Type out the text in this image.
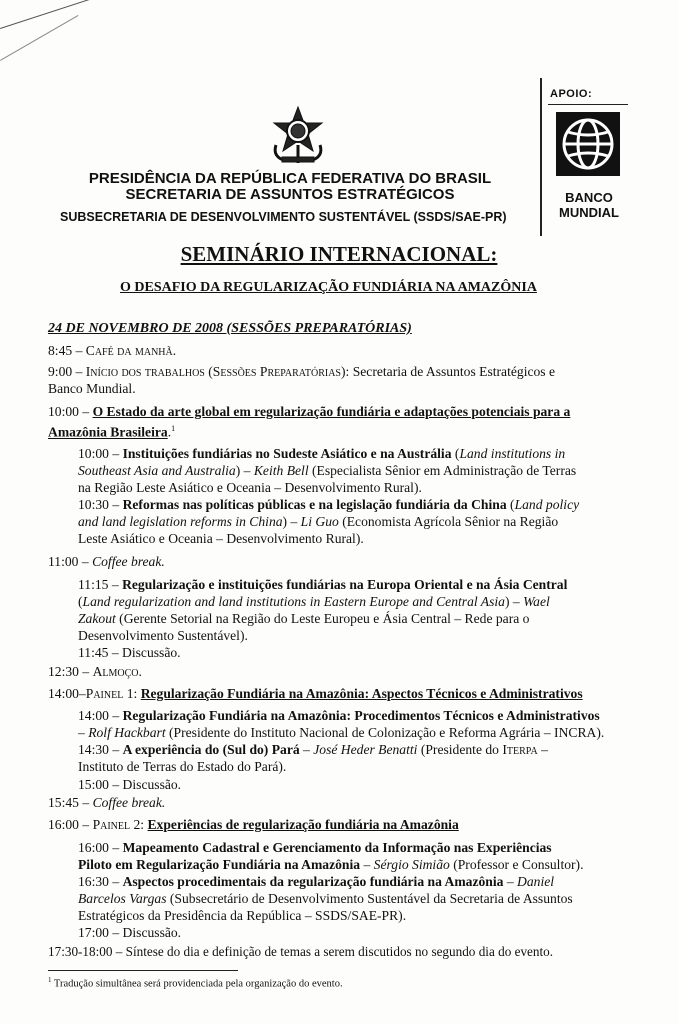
PRESIDÊNCIA DA REPÚBLICA FEDERATIVA DO BRASIL
SECRETARIA DE ASSUNTOS ESTRATÉGICOS
SUBSECRETARIA DE DESENVOLVIMENTO SUSTENTÁVEL (SSDS/SAE-PR)
APOIO:
BANCO
MUNDIAL
SEMINÁRIO INTERNACIONAL:
O DESAFIO DA REGULARIZAÇÃO FUNDIÁRIA NA AMAZÔNIA
24 DE NOVEMBRO DE 2008 (SESSÕES PREPARATÓRIAS)
8:45 – Café da manhã.
9:00 – Início dos trabalhos (Sessões Preparatórias): Secretaria de Assuntos Estratégicos e
Banco Mundial.
10:00 – O Estado da arte global em regularização fundiária e adaptações potenciais para a
Amazônia Brasileira.$^1$
10:00 – Instituições fundiárias no Sudeste Asiático e na Austrália (Land institutions in
Southeast Asia and Australia) – Keith Bell (Especialista Sênior em Administração de Terras
na Região Leste Asiático e Oceania – Desenvolvimento Rural).
10:30 – Reformas nas políticas públicas e na legislação fundiária da China (Land policy
and land legislation reforms in China) – Li Guo (Economista Agrícola Sênior na Região
Leste Asiático e Oceania – Desenvolvimento Rural).
11:00 – Coffee break.
11:15 – Regularização e instituições fundiárias na Europa Oriental e na Ásia Central
(Land regularization and land institutions in Eastern Europe and Central Asia) – Wael
Zakout (Gerente Setorial na Região do Leste Europeu e Ásia Central – Rede para o
Desenvolvimento Sustentável).
11:45 – Discussão.
12:30 – Almoço.
14:00–Painel 1: Regularização Fundiária na Amazônia: Aspectos Técnicos e Administrativos
14:00 – Regularização Fundiária na Amazônia: Procedimentos Técnicos e Administrativos
– Rolf Hackbart (Presidente do Instituto Nacional de Colonização e Reforma Agrária – INCRA).
14:30 – A experiência do (Sul do) Pará – José Heder Benatti (Presidente do Iterpa –
Instituto de Terras do Estado do Pará).
15:00 – Discussão.
15:45 – Coffee break.
16:00 – Painel 2: Experiências de regularização fundiária na Amazônia
16:00 – Mapeamento Cadastral e Gerenciamento da Informação nas Experiências
Piloto em Regularização Fundiária na Amazônia – Sérgio Simião (Professor e Consultor).
16:30 – Aspectos procedimentais da regularização fundiária na Amazônia – Daniel
Barcelos Vargas (Subsecretário de Desenvolvimento Sustentável da Secretaria de Assuntos
Estratégicos da Presidência da República – SSDS/SAE-PR).
17:00 – Discussão.
17:30-18:00 – Síntese do dia e definição de temas a serem discutidos no segundo dia do evento.
$^1$ Tradução simultânea será providenciada pela organização do evento.
